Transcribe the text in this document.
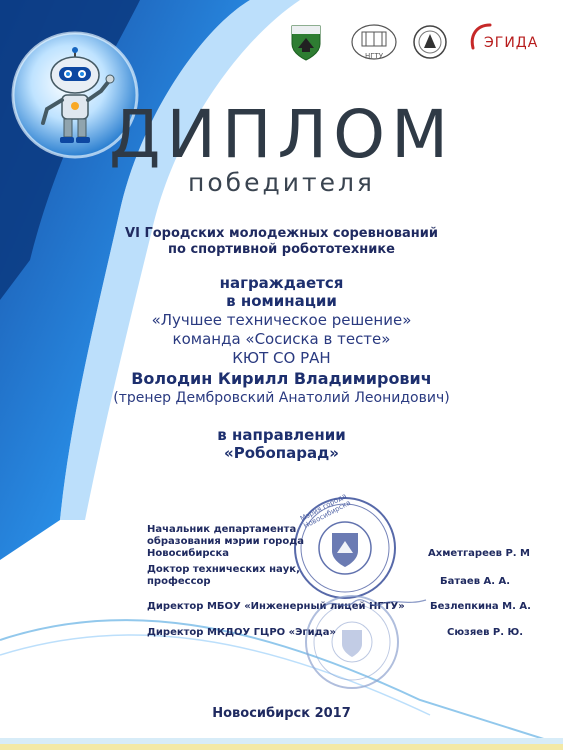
НГТУ
ЭГИДА
ДИПЛОМ
победителя
VI Городских молодежных соревнований
по спортивной робототехнике
награждается
в номинации
«Лучшее техническое решение»
команда «Сосиска в тесте»
КЮТ СО РАН
Володин Кирилл Владимирович
(тренер Дембровский Анатолий Леонидович)
в направлении
«Робопарад»
Мэрия города Новосибирска
Начальник департамента
образования мэрии города
Новосибирска	Ахметгареев Р. М
Доктор технических наук,
профессор	Батаев А. А.
Директор МБОУ «Инженерный лицей НГТУ»	Безлепкина М. А.
Директор МКДОУ ГЦРО «Эгида»	Сюзяев Р. Ю.
Новосибирск 2017
